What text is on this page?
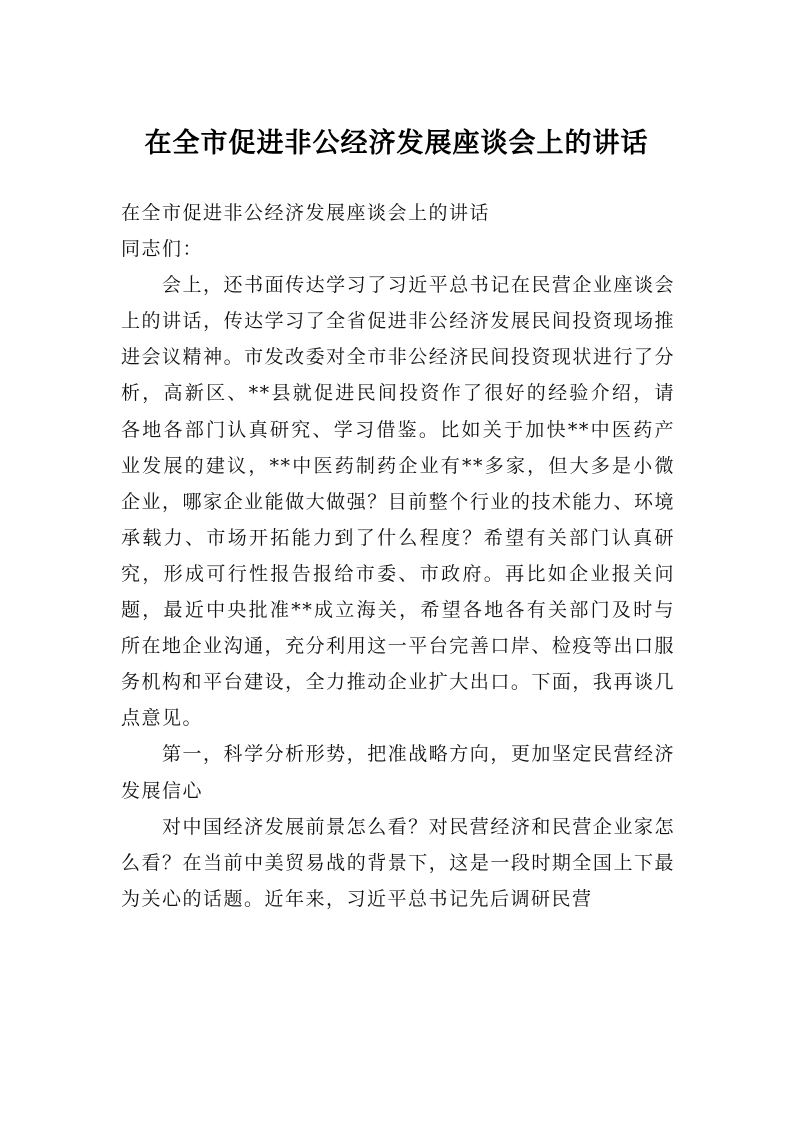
在全市促进非公经济发展座谈会上的讲话

在全市促进非公经济发展座谈会上的讲话

同志们：

会上，还书面传达学习了习近平总书记在民营企业座谈会上的讲话，传达学习了全省促进非公经济发展民间投资现场推进会议精神。市发改委对全市非公经济民间投资现状进行了分析，高新区、**县就促进民间投资作了很好的经验介绍，请各地各部门认真研究、学习借鉴。比如关于加快**中医药产业发展的建议，**中医药制药企业有**多家，但大多是小微企业，哪家企业能做大做强？目前整个行业的技术能力、环境承载力、市场开拓能力到了什么程度？希望有关部门认真研究，形成可行性报告报给市委、市政府。再比如企业报关问题，最近中央批准**成立海关，希望各地各有关部门及时与所在地企业沟通，充分利用这一平台完善口岸、检疫等出口服务机构和平台建设，全力推动企业扩大出口。下面，我再谈几点意见。

第一，科学分析形势，把准战略方向，更加坚定民营经济发展信心

对中国经济发展前景怎么看？对民营经济和民营企业家怎么看？在当前中美贸易战的背景下，这是一段时期全国上下最为关心的话题。近年来，习近平总书记先后调研民营
